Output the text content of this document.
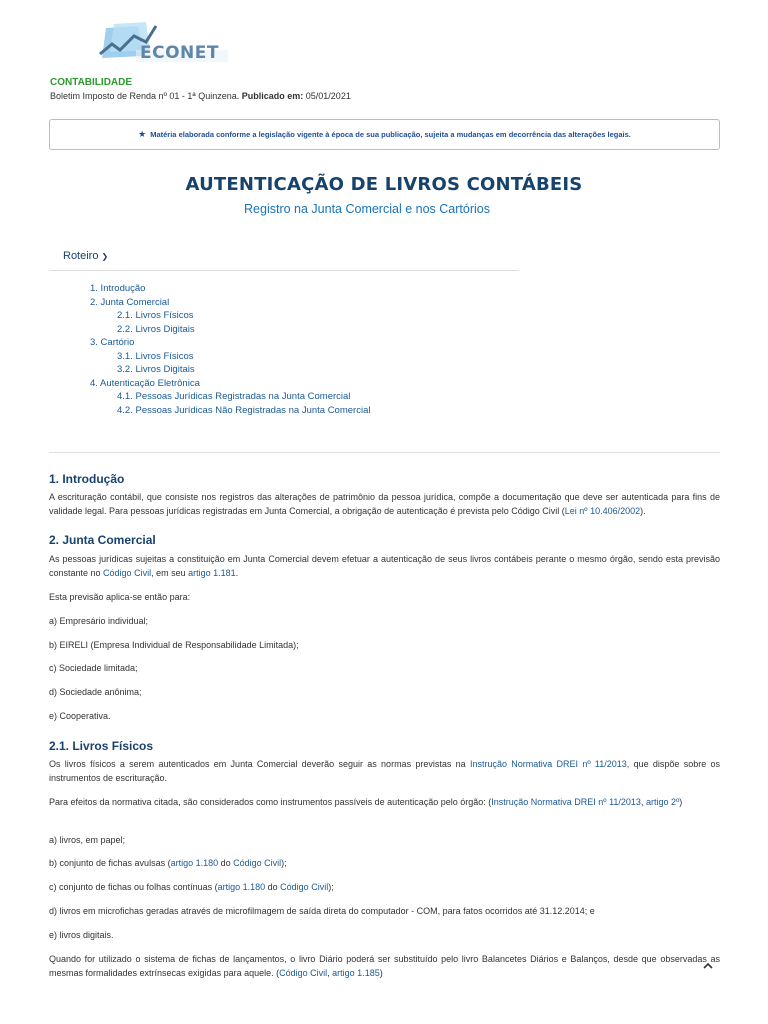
ECONET
CONTABILIDADE
Boletim Imposto de Renda nº 01 - 1ª Quinzena. Publicado em: 05/01/2021
★ Matéria elaborada conforme a legislação vigente à época de sua publicação, sujeita a mudanças em decorrência das alterações legais.
AUTENTICAÇÃO DE LIVROS CONTÁBEIS
Registro na Junta Comercial e nos Cartórios
Roteiro ❯
1. Introdução
2. Junta Comercial
2.1. Livros Físicos
2.2. Livros Digitais
3. Cartório
3.1. Livros Físicos
3.2. Livros Digitais
4. Autenticação Eletrônica
4.1. Pessoas Jurídicas Registradas na Junta Comercial
4.2. Pessoas Jurídicas Não Registradas na Junta Comercial
1. Introdução

A escrituração contábil, que consiste nos registros das alterações de patrimônio da pessoa jurídica, compõe a documentação que deve ser autenticada para fins de validade legal. Para pessoas jurídicas registradas em Junta Comercial, a obrigação de autenticação é prevista pelo Código Civil (Lei nº 10.406/2002).

2. Junta Comercial

As pessoas jurídicas sujeitas a constituição em Junta Comercial devem efetuar a autenticação de seus livros contábeis perante o mesmo órgão, sendo esta previsão constante no Código Civil, em seu artigo 1.181.

Esta previsão aplica-se então para:

a) Empresário individual;

b) EIRELI (Empresa Individual de Responsabilidade Limitada);

c) Sociedade limitada;

d) Sociedade anônima;

e) Cooperativa.

2.1. Livros Físicos

Os livros físicos a serem autenticados em Junta Comercial deverão seguir as normas previstas na Instrução Normativa DREI nº 11/2013, que dispõe sobre os instrumentos de escrituração.

Para efeitos da normativa citada, são considerados como instrumentos passíveis de autenticação pelo órgão: (Instrução Normativa DREI nº 11/2013, artigo 2º)

a) livros, em papel;

b) conjunto de fichas avulsas (artigo 1.180 do Código Civil);

c) conjunto de fichas ou folhas contínuas (artigo 1.180 do Código Civil);

d) livros em microfichas geradas através de microfilmagem de saída direta do computador - COM, para fatos ocorridos até 31.12.2014; e

e) livros digitais.

Quando for utilizado o sistema de fichas de lançamentos, o livro Diário poderá ser substituído pelo livro Balancetes Diários e Balanços, desde que observadas as mesmas formalidades extrínsecas exigidas para aquele. (Código Civil, artigo 1.185)
